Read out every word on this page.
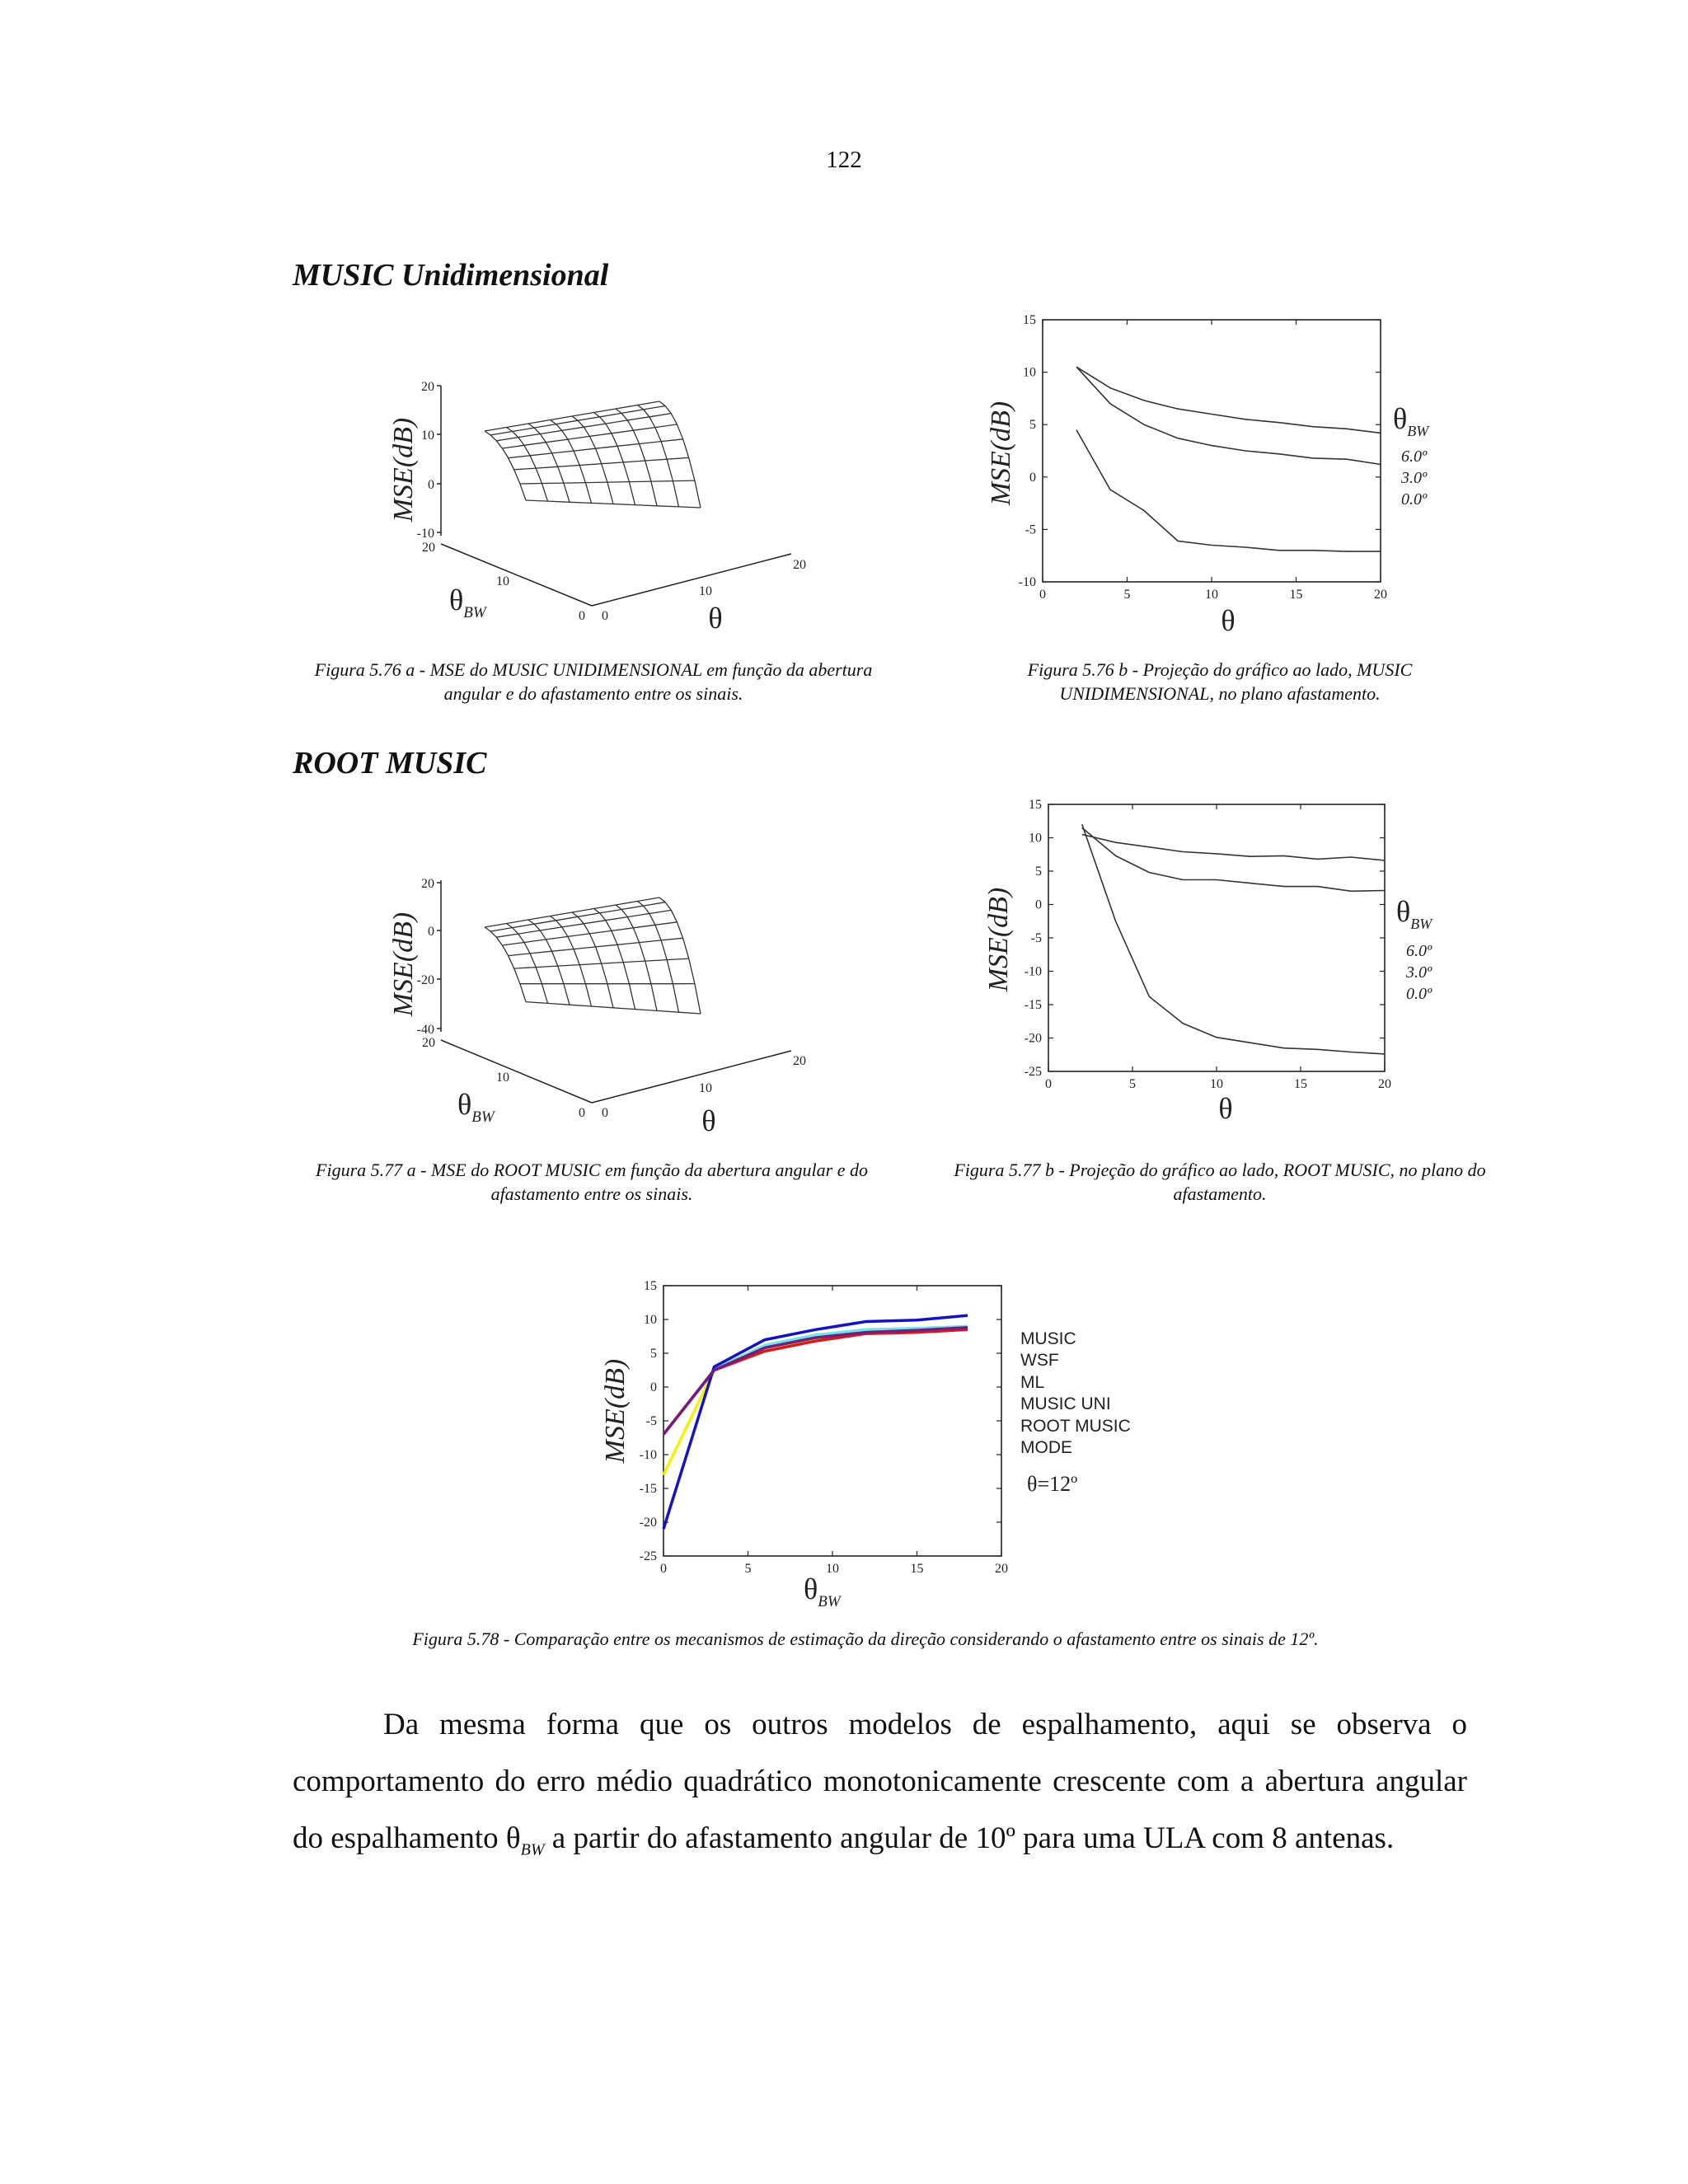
122
MUSIC Unidimensional
ROOT MUSIC
20
10
0
-10
20
10
0 0
10
20
MSE(dB)
$\theta_{BW}$	θ
MSE(dB)
θ
$\theta_{BW}$
6.0º
3.0º
0.0º
0	5	10	15	20
15
10
5
0
-5
-10
Figura 5.76 a - MSE do MUSIC UNIDIMENSIONAL em função da abertura angular e do afastamento entre os sinais.
Figura 5.76 b - Projeção do gráfico ao lado, MUSIC UNIDIMENSIONAL, no plano afastamento.
20
0
-20
-40
20
10
0 0
10
20
MSE(dB)
$\theta_{BW}$	θ
MSE(dB)
θ
$\theta_{BW}$
6.0º
3.0º
0.0º
0	5	10	15	20
15
10
5
0
-5
-10
-15
-20
-25
Figura 5.77 a - MSE do ROOT MUSIC em função da abertura angular e do afastamento entre os sinais.
Figura 5.77 b - Projeção do gráfico ao lado, ROOT MUSIC, no plano do afastamento.
MSE(dB)
$\theta_{BW}$
MUSIC
WSF
ML
MUSIC UNI
ROOT MUSIC
MODE
θ=12º
0	5	10	15	20
15
10
5
0
-5
-10
-15
-20
-25
Figura 5.78 - Comparação entre os mecanismos de estimação da direção considerando o afastamento entre os sinais de 12º.
Da mesma forma que os outros modelos de espalhamento, aqui se observa o comportamento do erro médio quadrático monotonicamente crescente com a abertura angular do espalhamento $\theta_{BW}$ a partir do afastamento angular de 10º para uma ULA com 8 antenas.
